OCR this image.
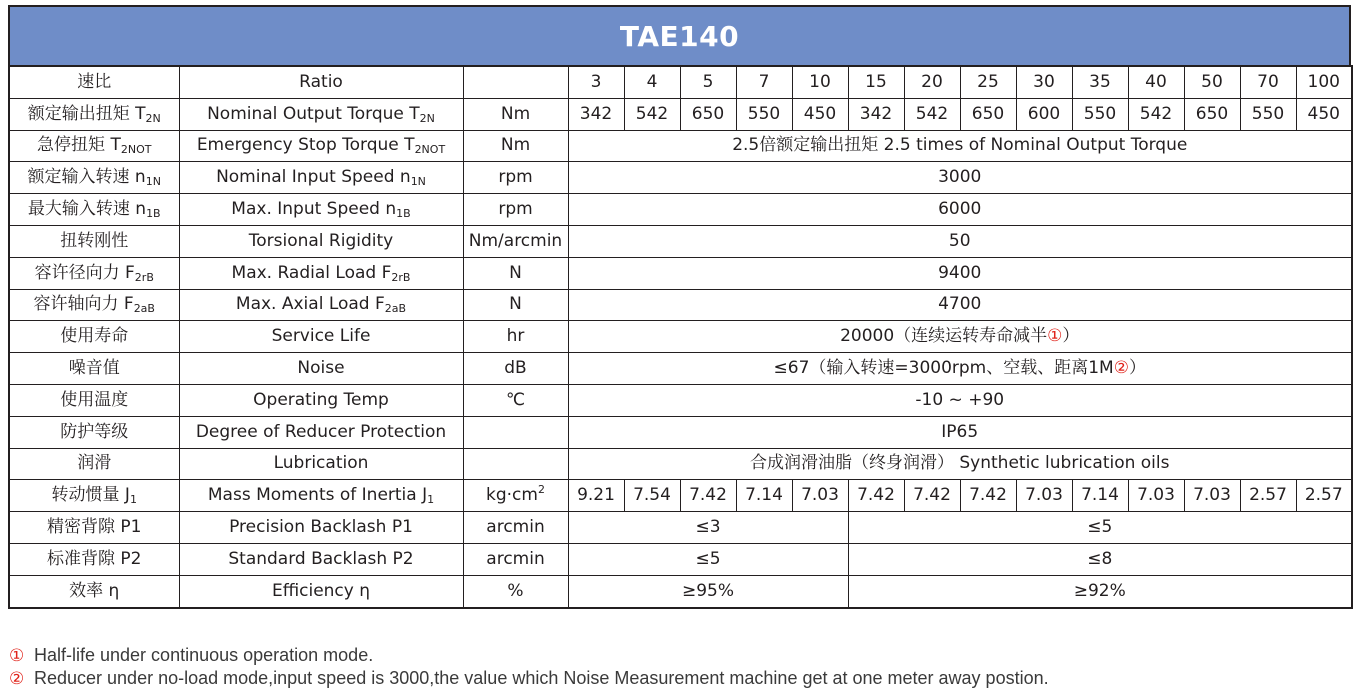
TAE140
速比	Ratio		3	4	5	7	10	15	20	25	30	35	40	50	70	100
额定输出扭矩 $T_{2N}$	Nominal Output Torque $T_{2N}$	Nm	342	542	650	550	450	342	542	650	600	550	542	650	550	450
急停扭矩 $T_{2NOT}$	Emergency Stop Torque $T_{2NOT}$	Nm	2.5倍额定输出扭矩 2.5 times of Nominal Output Torque													
额定输入转速 $n_{1N}$	Nominal Input Speed $n_{1N}$	rpm	3000													
最大输入转速 $n_{1B}$	Max. Input Speed $n_{1B}$	rpm	6000													
扭转刚性	Torsional Rigidity	Nm/arcmin	50													
容许径向力 $F_{2rB}$	Max. Radial Load $F_{2rB}$	N	9400													
容许轴向力 $F_{2aB}$	Max. Axial Load $F_{2aB}$	N	4700													
使用寿命	Service Life	hr	20000（连续运转寿命减半①）													
噪音值	Noise	dB	≤67（输入转速=3000rpm、空载、距离1M②）													
使用温度	Operating Temp	℃	-10 ~ +90													
防护等级	Degree of Reducer Protection		IP65													
润滑	Lubrication		合成润滑油脂（终身润滑） Synthetic lubrication oils													
转动惯量 $J_1$	Mass Moments of Inertia $J_1$	$kg\cdot cm^2$	9.21	7.54	7.42	7.14	7.03	7.42	7.42	7.42	7.03	7.14	7.03	7.03	2.57	2.57
精密背隙 P1	Precision Backlash P1	arcmin	≤3					≤5								
标准背隙 P2	Standard Backlash P2	arcmin	≤5					≤8								
效率 η	Efficiency η	%	≥95%					≥92%								
① Half-life under continuous operation mode.
② Reducer under no-load mode,input speed is 3000,the value which Noise Measurement machine get at one meter away postion.
